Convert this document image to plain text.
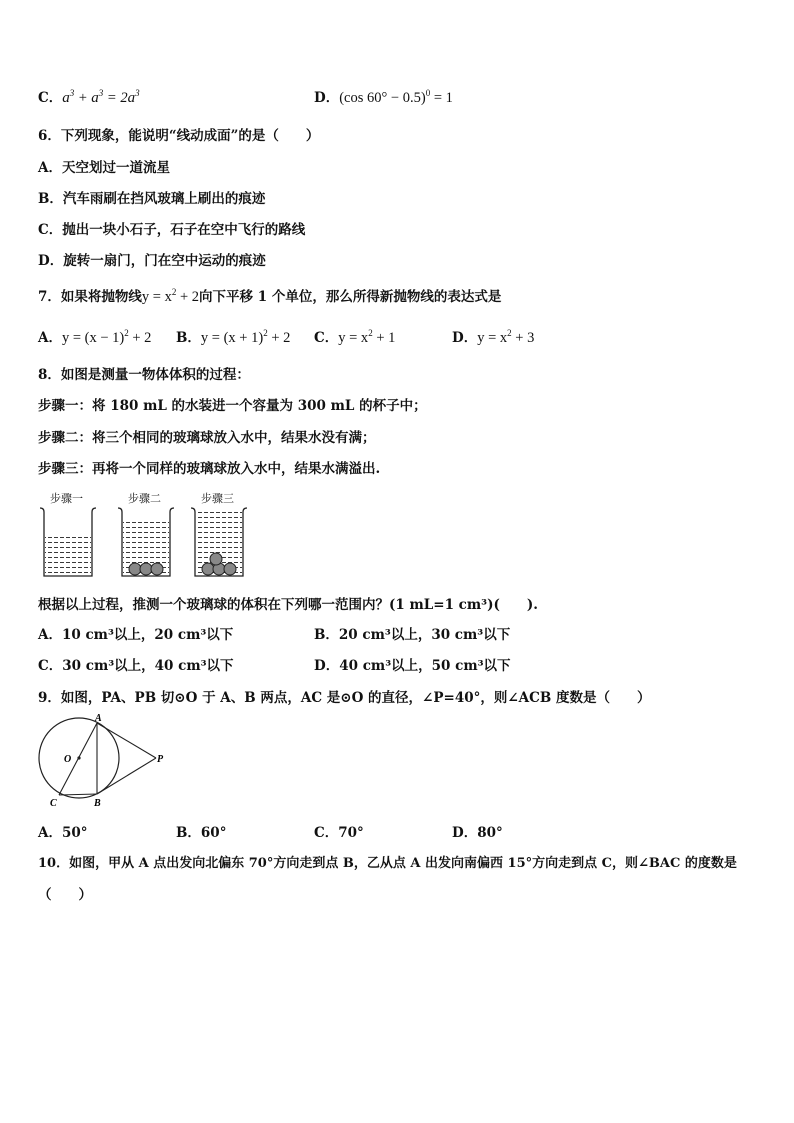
C．$a^3 + a^3 = 2a^3$	D．(cos 60° − 0.5)$^0$ = 1
6．下列现象，能说明“线动成面”的是（　　）
A．天空划过一道流星
B．汽车雨刷在挡风玻璃上刷出的痕迹
C．抛出一块小石子，石子在空中飞行的路线
D．旋转一扇门，门在空中运动的痕迹
7．如果将抛物线$y = x^2 + 2$向下平移 1 个单位，那么所得新抛物线的表达式是
A．$y = (x - 1)^2 + 2$ B．$y = (x + 1)^2 + 2$ C．$y = x^2 + 1$	D．$y = x^2 + 3$
8．如图是测量一物体体积的过程：
步骤一：将 180 mL 的水装进一个容量为 300 mL 的杯子中；
步骤二：将三个相同的玻璃球放入水中，结果水没有满；
步骤三：再将一个同样的玻璃球放入水中，结果水满溢出.
步骤一	步骤二	步骤三
根据以上过程，推测一个玻璃球的体积在下列哪一范围内？(1 mL=1 cm³)(　　).
A．10 cm³以上，20 cm³以下	B．20 cm³以上，30 cm³以下
C．30 cm³以上，40 cm³以下	D．40 cm³以上，50 cm³以下
9．如图，PA、PB 切⊙O 于 A、B 两点，AC 是⊙O 的直径，∠P=40°，则∠ACB 度数是（　　）
A
B
C
O	P
A．50°	B．60°	C．70°	D．80°
10．如图，甲从 A 点出发向北偏东 70°方向走到点 B，乙从点 A 出发向南偏西 15°方向走到点 C，则∠BAC 的度数是
（　　）
